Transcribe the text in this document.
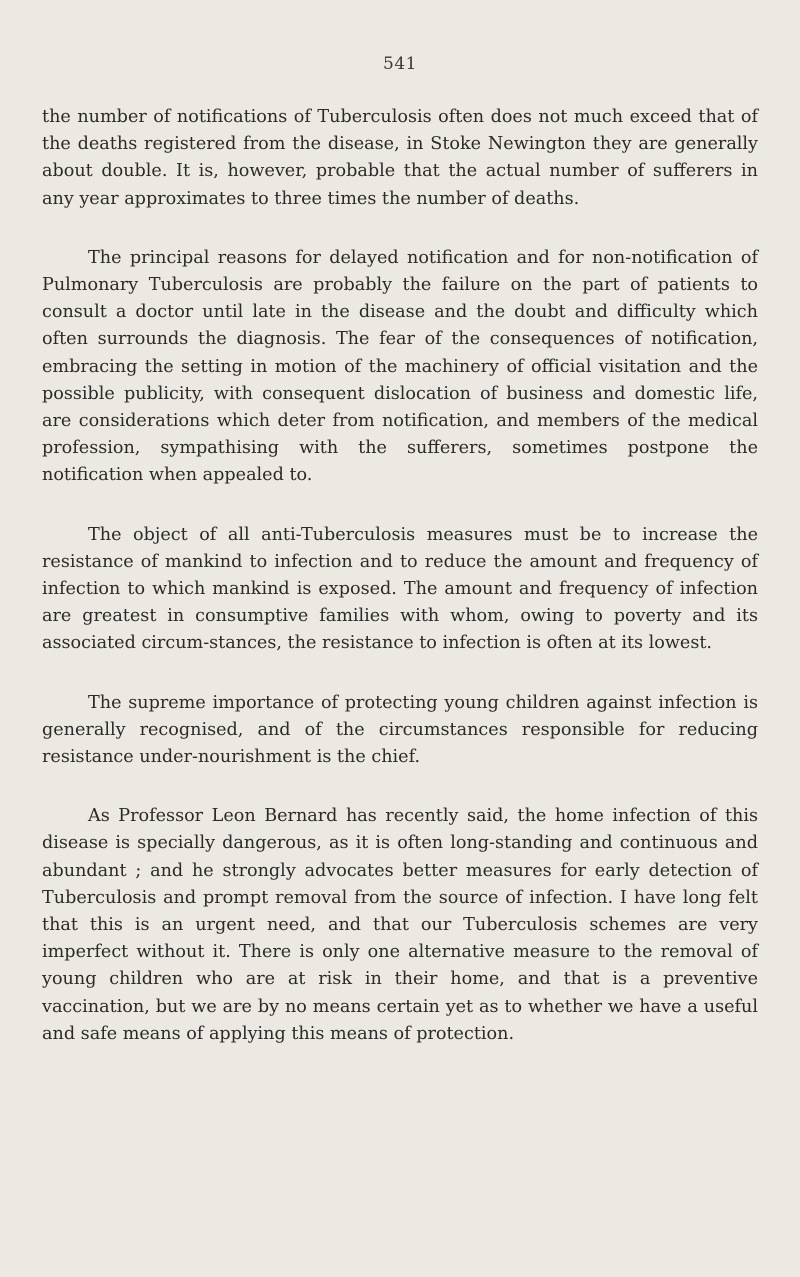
541

the number of notifications of Tuberculosis often does not much exceed that of the deaths registered from the disease, in Stoke Newington they are generally about double. It is, however, probable that the actual number of sufferers in any year approximates to three times the number of deaths.

The principal reasons for delayed notification and for non-notification of Pulmonary Tuberculosis are probably the failure on the part of patients to consult a doctor until late in the disease and the doubt and difficulty which often surrounds the diagnosis. The fear of the consequences of notification, embracing the setting in motion of the machinery of official visitation and the possible publicity, with consequent dislocation of business and domestic life, are considerations which deter from notification, and members of the medical profession, sympathising with the sufferers, sometimes postpone the notification when appealed to.

The object of all anti-Tuberculosis measures must be to increase the resistance of mankind to infection and to reduce the amount and frequency of infection to which mankind is exposed. The amount and frequency of infection are greatest in consumptive families with whom, owing to poverty and its associated circum-stances, the resistance to infection is often at its lowest.

The supreme importance of protecting young children against infection is generally recognised, and of the circumstances responsible for reducing resistance under-nourishment is the chief.

As Professor Leon Bernard has recently said, the home infection of this disease is specially dangerous, as it is often long-standing and continuous and abundant ; and he strongly advocates better measures for early detection of Tuberculosis and prompt removal from the source of infection. I have long felt that this is an urgent need, and that our Tuberculosis schemes are very imperfect without it. There is only one alternative measure to the removal of young children who are at risk in their home, and that is a preventive vaccination, but we are by no means certain yet as to whether we have a useful and safe means of applying this means of protection.
